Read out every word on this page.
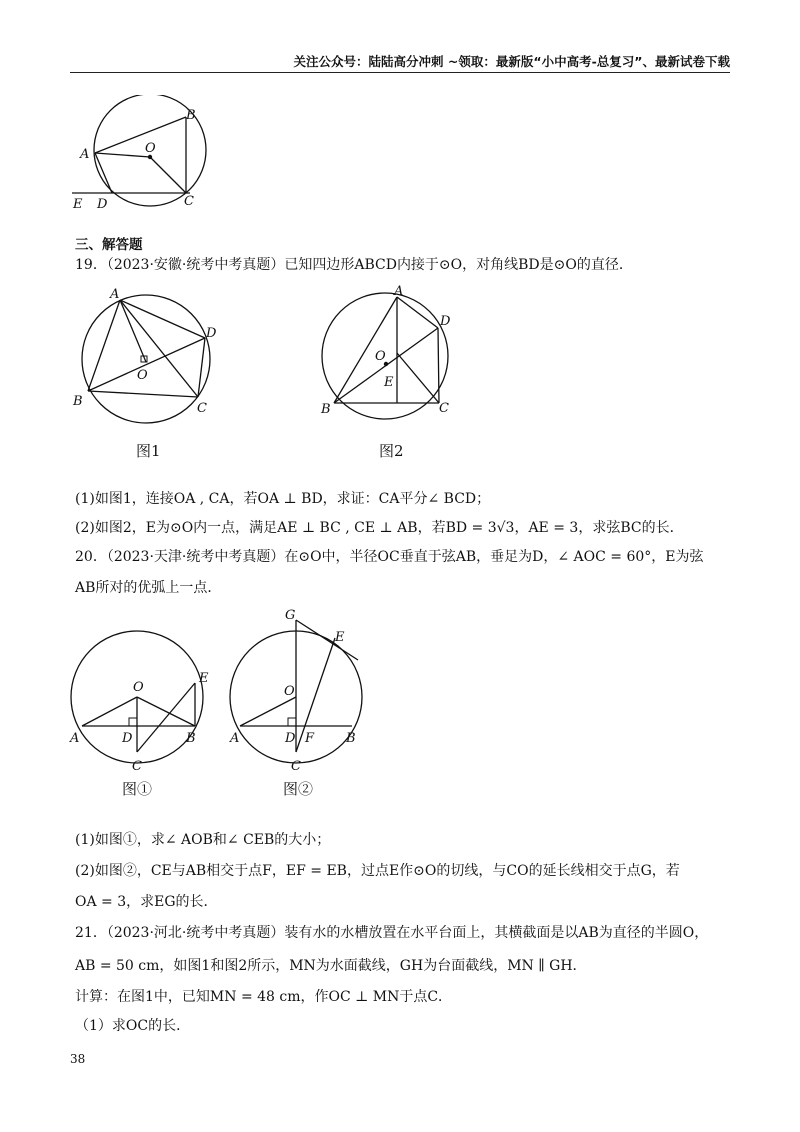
关注公众号：陆陆高分冲刺 ~领取：最新版“小中高考-总复习”、最新试卷下载
B
A	O
C
D
E
三、解答题
19．（2023·安徽·统考中考真题）已知四边形ABCD内接于⊙O，对角线BD是⊙O的直径．
A
D
O
B	C
图1
A
D
O
E
B	C
图2
(1)如图1，连接OA , CA，若OA ⊥ BD，求证：CA平分∠ BCD；
(2)如图2，E为⊙O内一点，满足AE ⊥ BC , CE ⊥ AB，若BD = 3√3，AE = 3，求弦BC的长．
20．（2023·天津·统考中考真题）在⊙O中，半径OC垂直于弦AB，垂足为D，∠ AOC = 60°，E为弦
AB所对的优弧上一点．
O
E
A	D	B
C
图①
G
E
O
A	D F B
C
图②
(1)如图①，求∠ AOB和∠ CEB的大小；
(2)如图②，CE与AB相交于点F，EF = EB，过点E作⊙O的切线，与CO的延长线相交于点G，若
OA = 3，求EG的长．
21．（2023·河北·统考中考真题）装有水的水槽放置在水平台面上，其横截面是以AB为直径的半圆O，
AB = 50 cm，如图1和图2所示，MN为水面截线，GH为台面截线，MN ∥ GH．
计算：在图1中，已知MN = 48 cm，作OC ⊥ MN于点C．
（1）求OC的长．
38
